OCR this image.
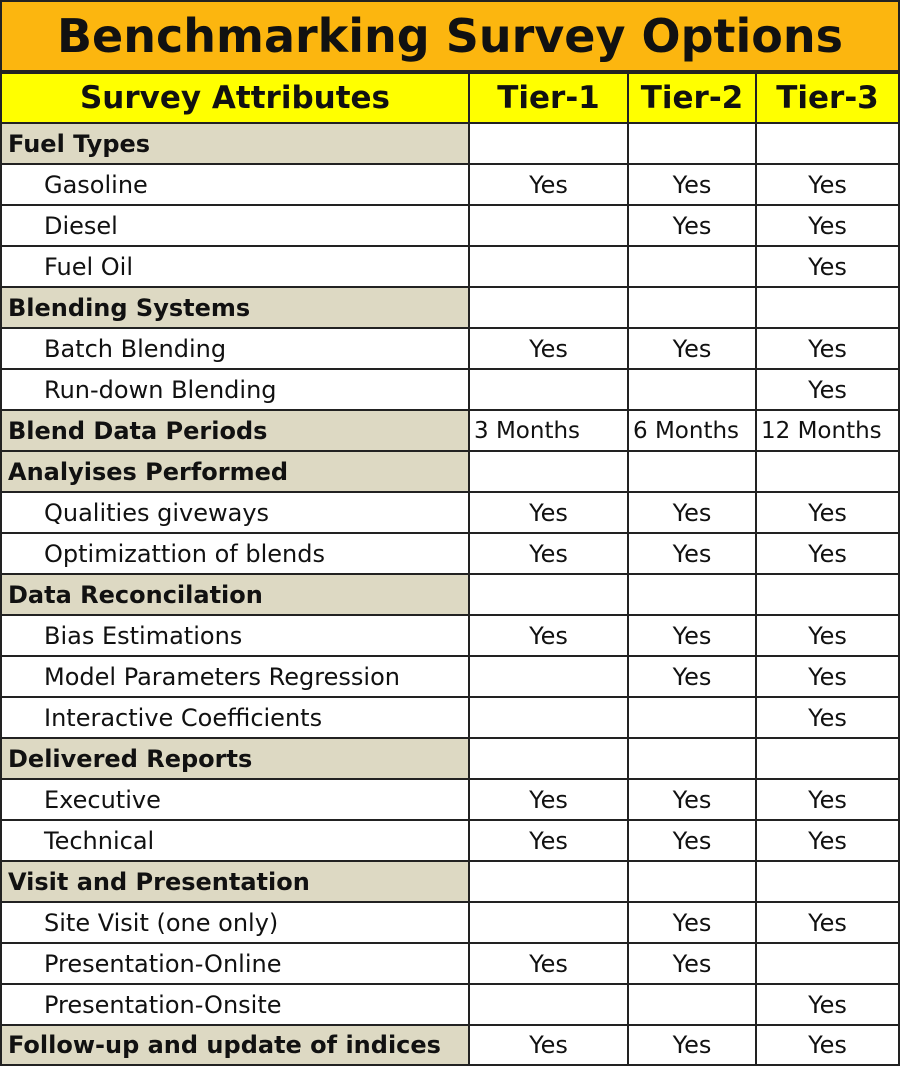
Benchmarking Survey Options
Survey Attributes	Tier-1	Tier-2	Tier-3
Fuel Types			
Gasoline	Yes	Yes	Yes
Diesel		Yes	Yes
Fuel Oil			Yes
Blending Systems			
Batch Blending	Yes	Yes	Yes
Run-down Blending			Yes
Blend Data Periods	3 Months	6 Months	12 Months
Analyises Performed			
Qualities giveways	Yes	Yes	Yes
Optimizattion of blends	Yes	Yes	Yes
Data Reconcilation			
Bias Estimations	Yes	Yes	Yes
Model Parameters Regression		Yes	Yes
Interactive Coefficients			Yes
Delivered Reports			
Executive	Yes	Yes	Yes
Technical	Yes	Yes	Yes
Visit and Presentation			
Site Visit (one only)		Yes	Yes
Presentation-Online	Yes	Yes	
Presentation-Onsite			Yes
Follow-up and update of indices	Yes	Yes	Yes
